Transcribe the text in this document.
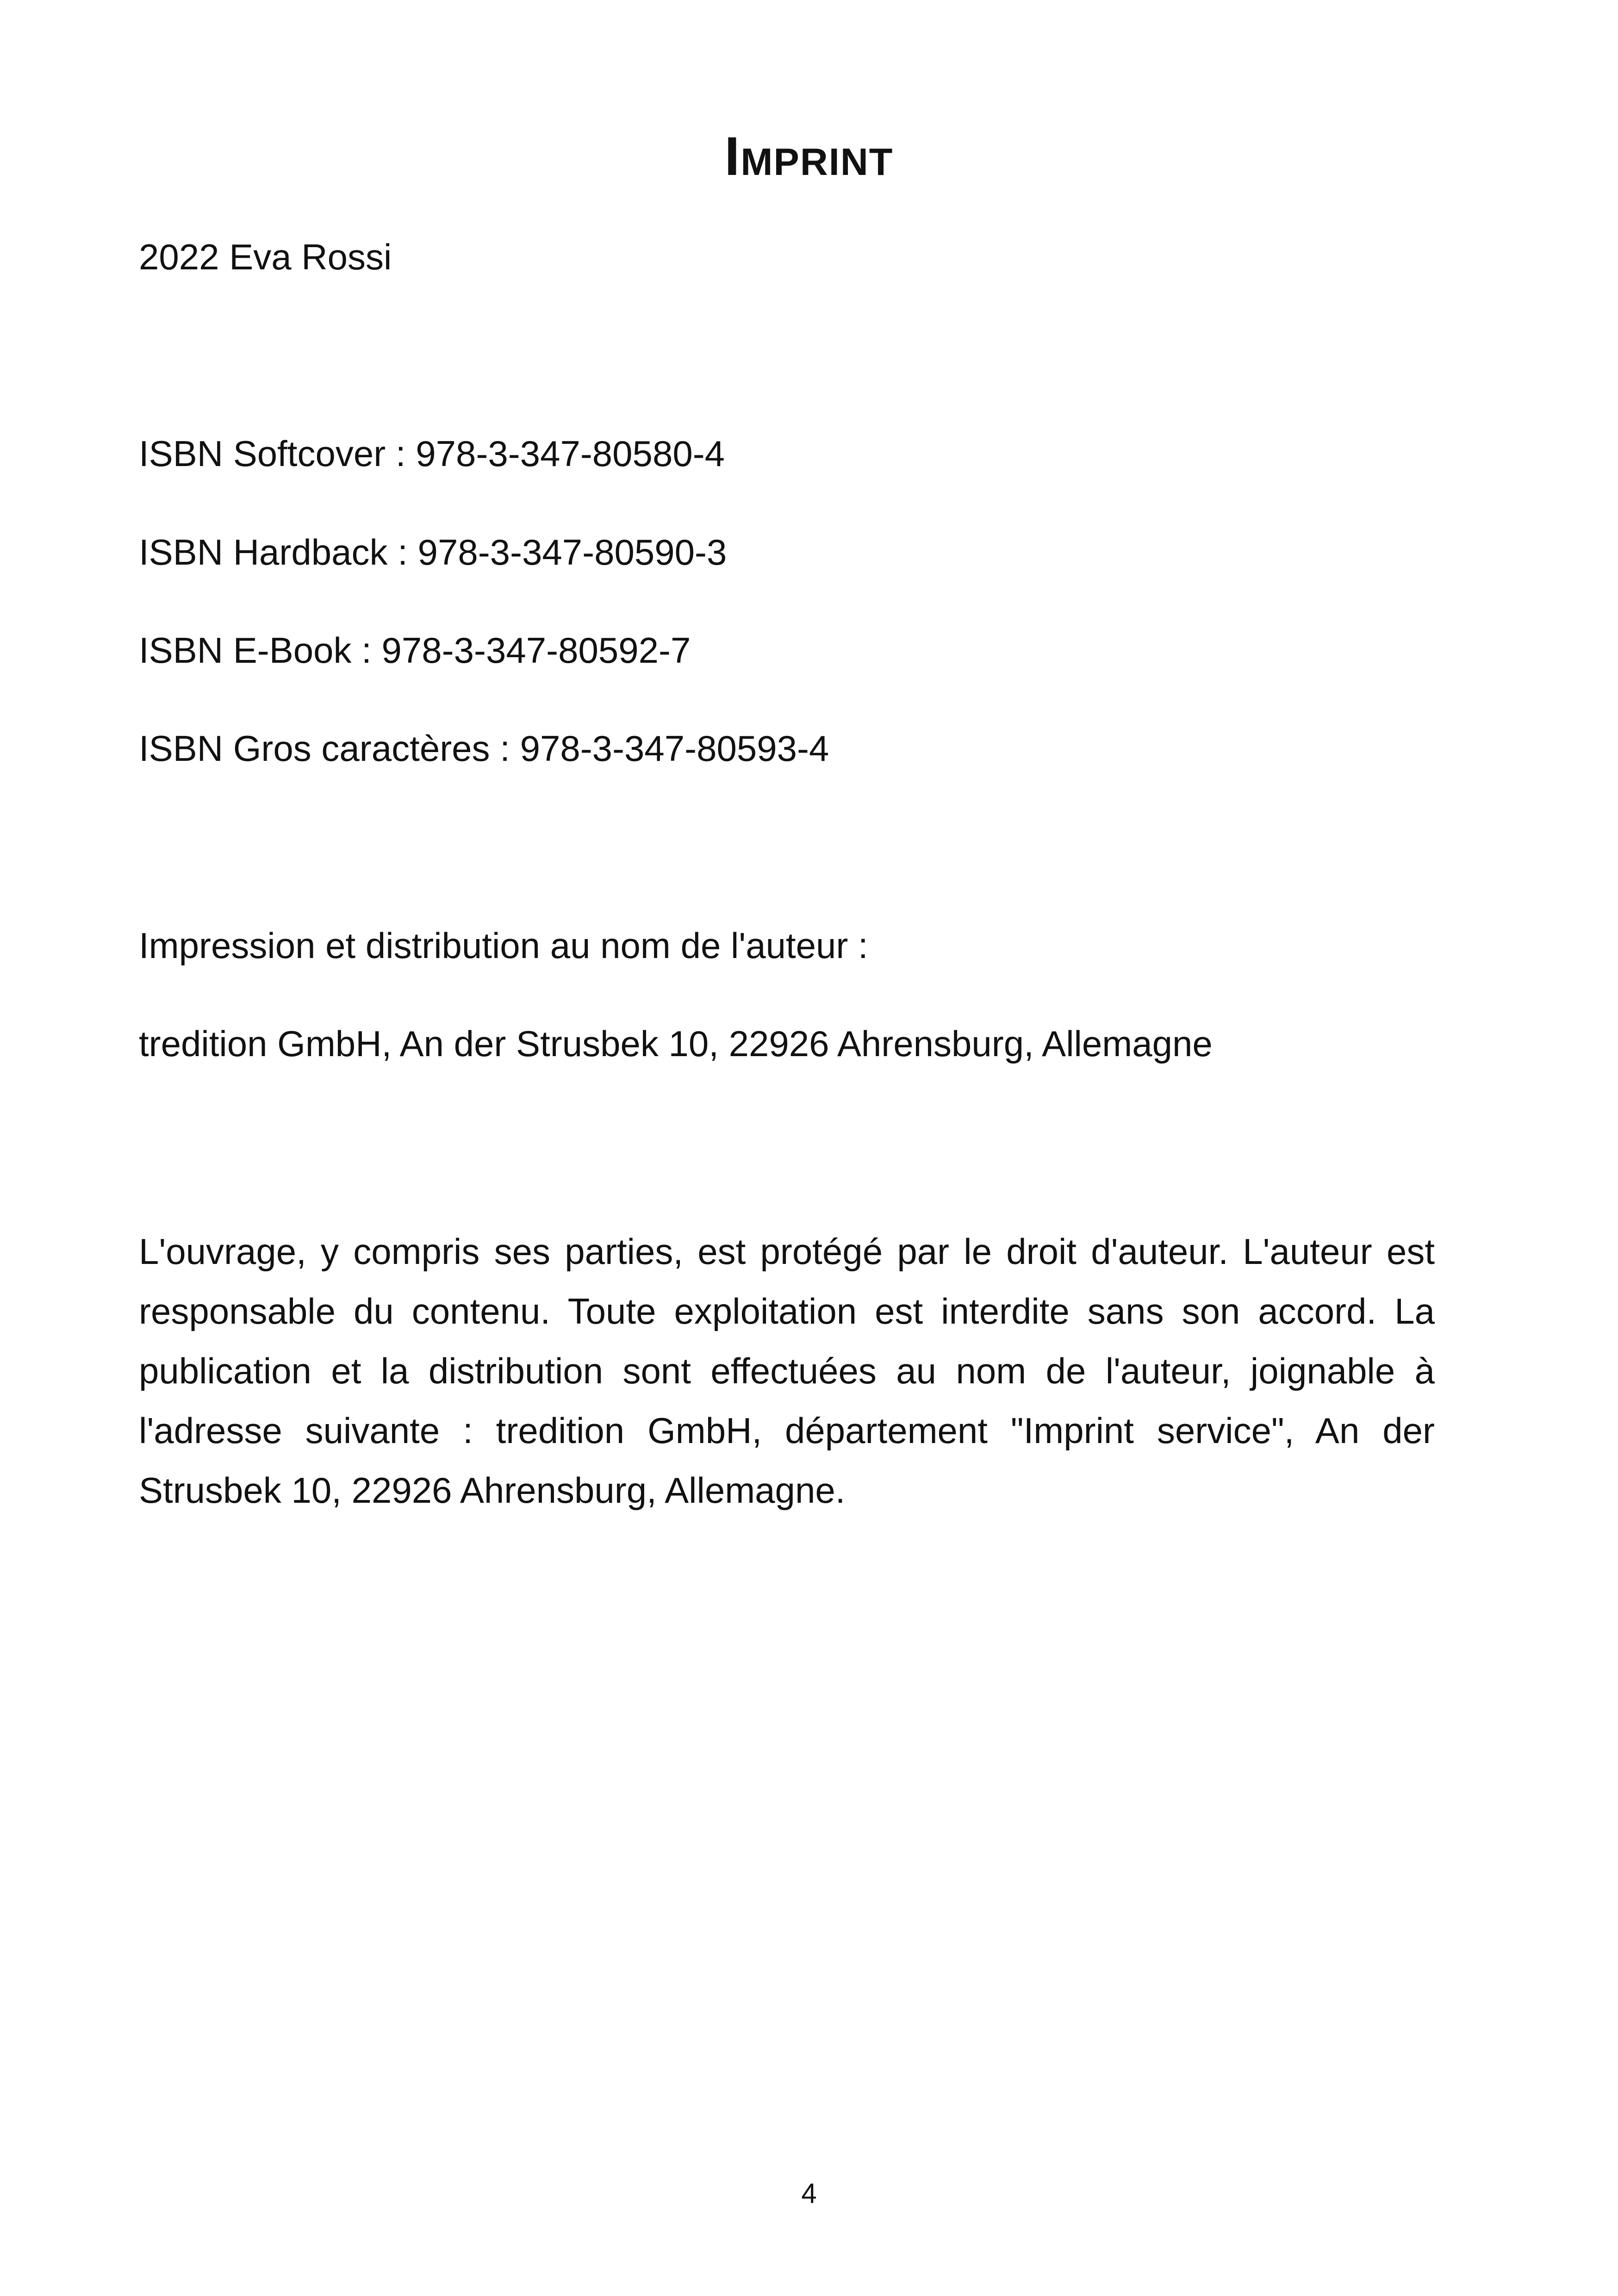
Imprint

2022 Eva Rossi

ISBN Softcover : 978-3-347-80580-4

ISBN Hardback : 978-3-347-80590-3

ISBN E-Book : 978-3-347-80592-7

ISBN Gros caractères : 978-3-347-80593-4

Impression et distribution au nom de l'auteur :

tredition GmbH, An der Strusbek 10, 22926 Ahrensburg, Allemagne

L'ouvrage, y compris ses parties, est protégé par le droit d'auteur. L'auteur est responsable du contenu. Toute exploitation est interdite sans son accord. La publication et la distribution sont effectuées au nom de l'auteur, joignable à l'adresse suivante : tredition GmbH, département "Imprint service", An der Strusbek 10, 22926 Ahrensburg, Allemagne.

4
